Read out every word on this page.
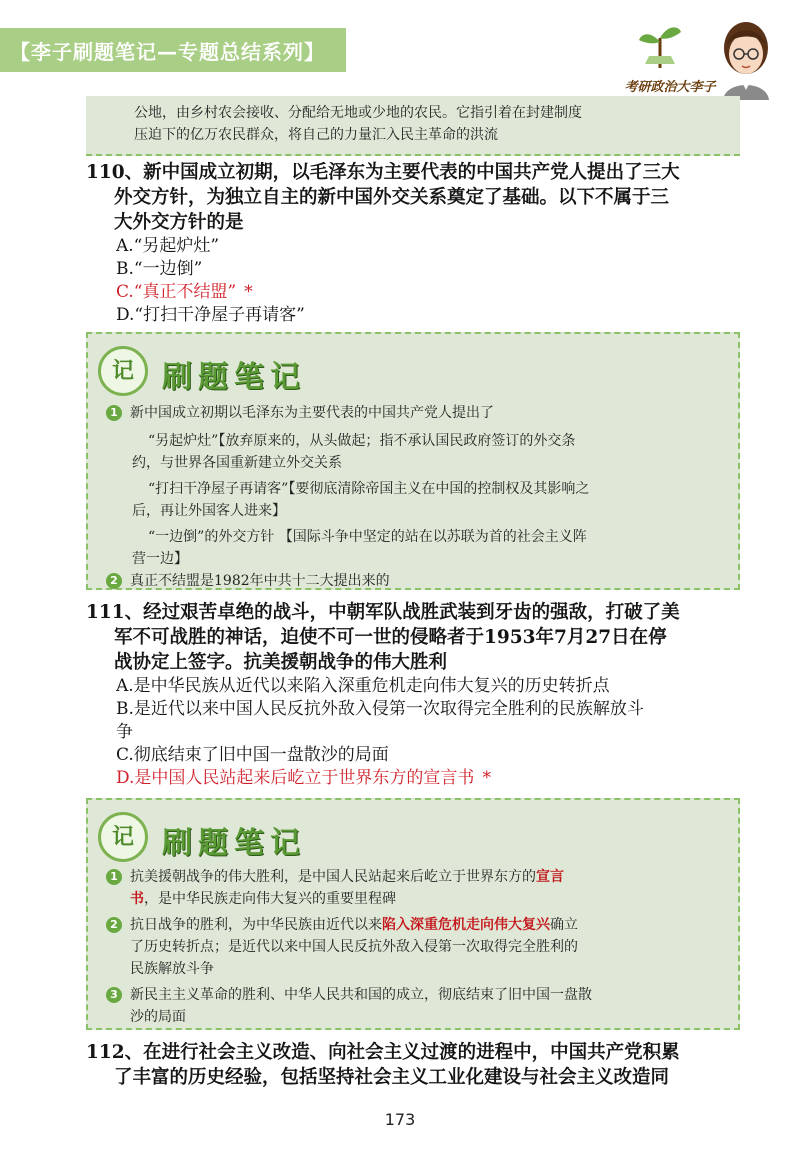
【李子刷题笔记—专题总结系列】
考研政治大李子
公地，由乡村农会接收、分配给无地或少地的农民。它指引着在封建制度
压迫下的亿万农民群众，将自己的力量汇入民主革命的洪流
110、新中国成立初期，以毛泽东为主要代表的中国共产党人提出了三大
外交方针，为独立自主的新中国外交关系奠定了基础。以下不属于三
大外交方针的是
A.“另起炉灶”
B.“一边倒”
C.“真正不结盟” *
D.“打扫干净屋子再请客”
记 刷题笔记
1 新中国成立初期以毛泽东为主要代表的中国共产党人提出了
“另起炉灶”【放弃原来的，从头做起；指不承认国民政府签订的外交条
约，与世界各国重新建立外交关系
“打扫干净屋子再请客”【要彻底清除帝国主义在中国的控制权及其影响之
后，再让外国客人进来】
“一边倒”的外交方针 【国际斗争中坚定的站在以苏联为首的社会主义阵
营一边】
2 真正不结盟是1982年中共十二大提出来的
111、经过艰苦卓绝的战斗，中朝军队战胜武装到牙齿的强敌，打破了美
军不可战胜的神话，迫使不可一世的侵略者于1953年7月27日在停
战协定上签字。抗美援朝战争的伟大胜利
A.是中华民族从近代以来陷入深重危机走向伟大复兴的历史转折点
B.是近代以来中国人民反抗外敌入侵第一次取得完全胜利的民族解放斗
争
C.彻底结束了旧中国一盘散沙的局面
D.是中国人民站起来后屹立于世界东方的宣言书 *
记 刷题笔记
1 抗美援朝战争的伟大胜利，是中国人民站起来后屹立于世界东方的宣言
书，是中华民族走向伟大复兴的重要里程碑
2 抗日战争的胜利，为中华民族由近代以来陷入深重危机走向伟大复兴确立
了历史转折点；是近代以来中国人民反抗外敌入侵第一次取得完全胜利的
民族解放斗争
3 新民主主义革命的胜利、中华人民共和国的成立，彻底结束了旧中国一盘散
沙的局面
112、在进行社会主义改造、向社会主义过渡的进程中，中国共产党积累
了丰富的历史经验，包括坚持社会主义工业化建设与社会主义改造同
173
